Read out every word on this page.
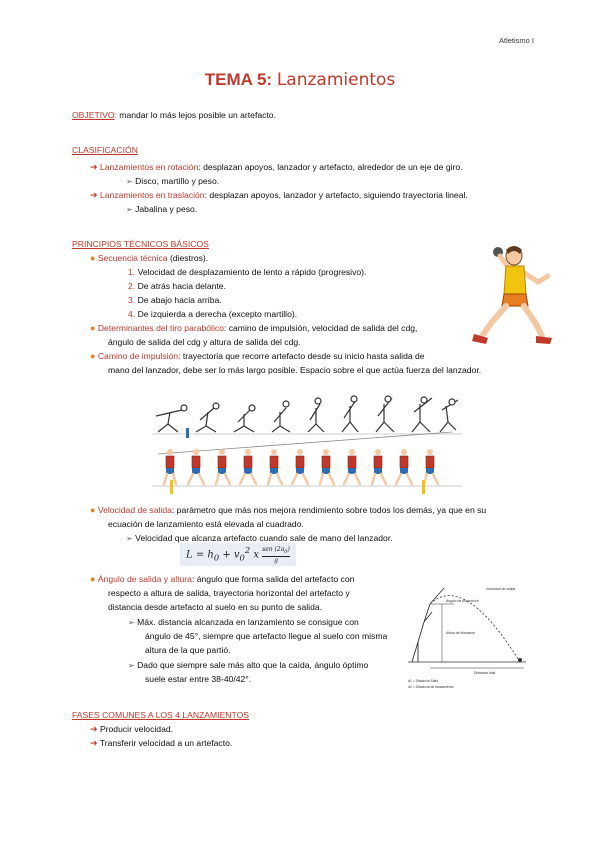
Atletismo I
TEMA 5: Lanzamientos
OBJETIVO: mandar lo más lejos posible un artefacto.
CLASIFICACIÓN
➔ Lanzamientos en rotación: desplazan apoyos, lanzador y artefacto, alrededor de un eje de giro.
➢ Disco, martillo y peso.
➔ Lanzamientos en traslación: desplazan apoyos, lanzador y artefacto, siguiendo trayectoria lineal.
➢ Jabalina y peso.
PRINCIPIOS TÉCNICOS BÁSICOS
● Secuencia técnica (diestros).
1. Velocidad de desplazamiento de lento a rápido (progresivo).
2. De atrás hacia delante.
3. De abajo hacia arriba.
4. De izquierda a derecha (excepto martillo).
● Determinantes del tiro parabólico: camino de impulsión, velocidad de salida del cdg,
ángulo de salida del cdg y altura de salida del cdg.
● Camino de impulsión: trayectoria que recorre artefacto desde su inicio hasta salida de
mano del lanzador, debe ser lo más largo posible. Espacio sobre el que actúa fuerza del lanzador.
● Velocidad de salida: parámetro que más nos mejora rendimiento sobre todos los demás, ya que en su
ecuación de lanzamiento está elevada al cuadrado.
➢ Velocidad que alcanza artefacto cuando sale de mano del lanzador.
$L = h_0 + v_0^2$ x $\frac{sen (2a_0)}{g}$
● Ángulo de salida y altura: ángulo que forma salida del artefacto con
respecto a altura de salida, trayectoria horizontal del artefacto y
distancia desde artefacto al suelo en su punto de salida.
➢ Máx. distancia alcanzada en lanzamiento se consigue con
ángulo de 45°, siempre que artefacto llegue al suelo con misma
altura de la que partió.
➢ Dado que siempre sale más alto que la caída, ángulo óptimo
suele estar entre 38-40/42°.
Velocidad de salida
Ángulo de proyección
Altura de liberación
Distancia total
d1 = Distancia Salto
d2 = Distancia de lanzamiento
FASES COMUNES A LOS 4 LANZAMIENTOS
➔ Producir velocidad.
➔ Transferir velocidad a un artefacto.
